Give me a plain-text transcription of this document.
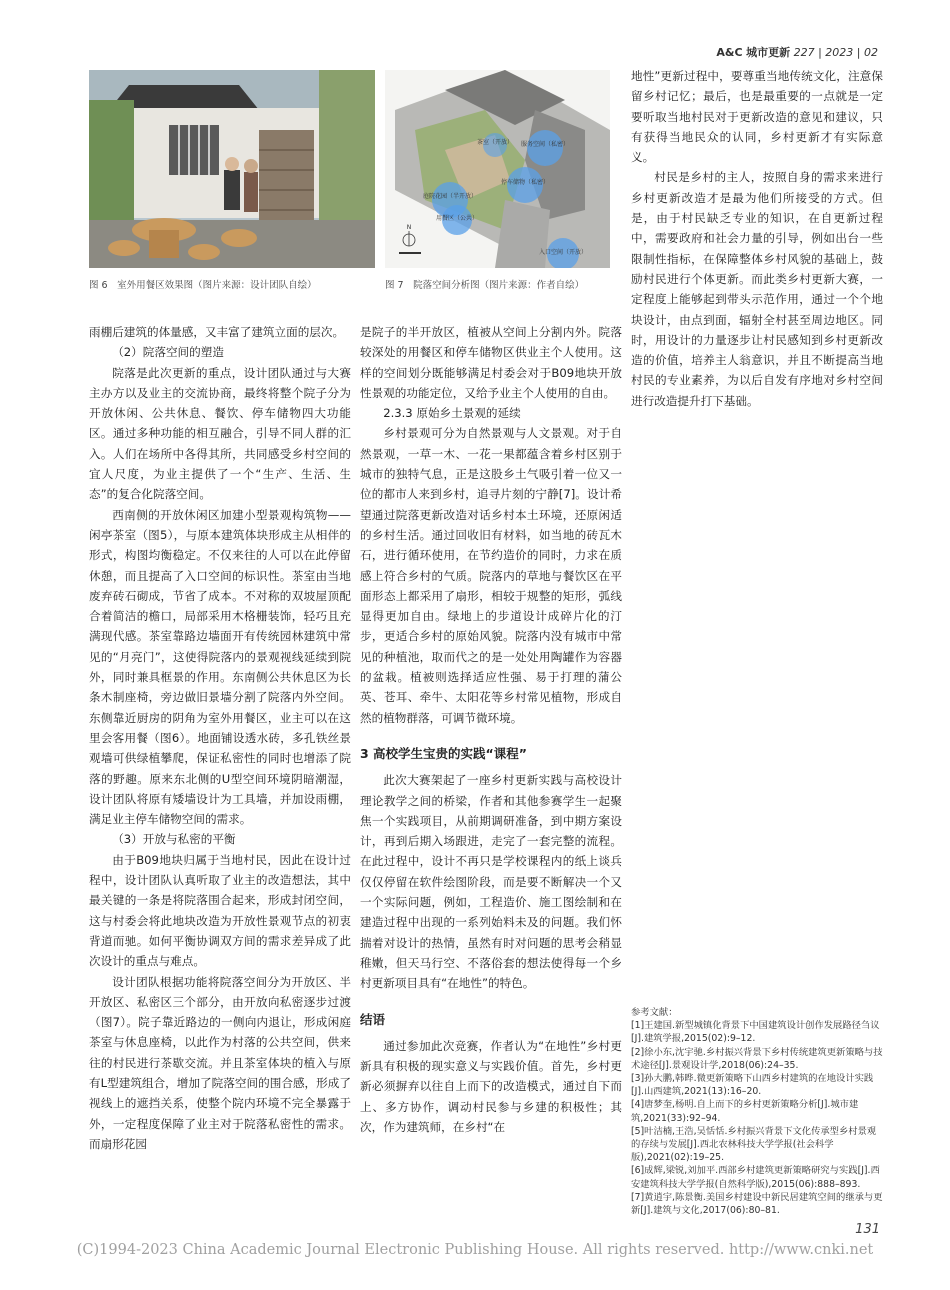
A&C 城市更新 227 | 2023 | 02
图 6　室外用餐区效果图（图片来源：设计团队自绘）
服务空间（私密）
庭院花园（半开放）
用餐区（公共）
入口空间（开放）
停车储物（私密）
茶室（开放）
N
图 7　院落空间分析图（图片来源：作者自绘）

雨棚后建筑的体量感，又丰富了建筑立面的层次。

（2）院落空间的塑造

院落是此次更新的重点，设计团队通过与大赛主办方以及业主的交流协商，最终将整个院子分为开放休闲、公共休息、餐饮、停车储物四大功能区。通过多种功能的相互融合，引导不同人群的汇入。人们在场所中各得其所，共同感受乡村空间的宜人尺度，为业主提供了一个“生产、生活、生态”的复合化院落空间。

西南侧的开放休闲区加建小型景观构筑物——闲亭茶室（图5），与原本建筑体块形成主从相伴的形式，构图均衡稳定。不仅来往的人可以在此停留休憩，而且提高了入口空间的标识性。茶室由当地废弃砖石砌成，节省了成本。不对称的双坡屋顶配合着简洁的檐口，局部采用木格栅装饰，轻巧且充满现代感。茶室靠路边墙面开有传统园林建筑中常见的“月亮门”，这使得院落内的景观视线延续到院外，同时兼具框景的作用。东南侧公共休息区为长条木制座椅，旁边做旧景墙分割了院落内外空间。东侧靠近厨房的阴角为室外用餐区，业主可以在这里会客用餐（图6）。地面铺设透水砖，多孔铁丝景观墙可供绿植攀爬，保证私密性的同时也增添了院落的野趣。原来东北侧的U型空间环境阴暗潮湿，设计团队将原有矮墙设计为工具墙，并加设雨棚，满足业主停车储物空间的需求。

（3）开放与私密的平衡

由于B09地块归属于当地村民，因此在设计过程中，设计团队认真听取了业主的改造想法，其中最关键的一条是将院落围合起来，形成封闭空间，这与村委会将此地块改造为开放性景观节点的初衷背道而驰。如何平衡协调双方间的需求差异成了此次设计的重点与难点。

设计团队根据功能将院落空间分为开放区、半开放区、私密区三个部分，由开放向私密逐步过渡（图7）。院子靠近路边的一侧向内退让，形成闲庭茶室与休息座椅，以此作为村落的公共空间，供来往的村民进行茶歇交流。并且茶室体块的植入与原有L型建筑组合，增加了院落空间的围合感，形成了视线上的遮挡关系，使整个院内环境不完全暴露于外，一定程度保障了业主对于院落私密性的需求。而扇形花园

是院子的半开放区，植被从空间上分割内外。院落较深处的用餐区和停车储物区供业主个人使用。这样的空间划分既能够满足村委会对于B09地块开放性景观的功能定位，又给予业主个人使用的自由。

2.3.3 原始乡土景观的延续

乡村景观可分为自然景观与人文景观。对于自然景观，一草一木、一花一果都蕴含着乡村区别于城市的独特气息，正是这股乡土气吸引着一位又一位的都市人来到乡村，追寻片刻的宁静[7]。设计希望通过院落更新改造对话乡村本土环境，还原闲适的乡村生活。通过回收旧有材料，如当地的砖瓦木石，进行循环使用，在节约造价的同时，力求在质感上符合乡村的气质。院落内的草地与餐饮区在平面形态上都采用了扇形，相较于规整的矩形，弧线显得更加自由。绿地上的步道设计成碎片化的汀步，更适合乡村的原始风貌。院落内没有城市中常见的种植池，取而代之的是一处处用陶罐作为容器的盆栽。植被则选择适应性强、易于打理的蒲公英、苍耳、牵牛、太阳花等乡村常见植物，形成自然的植物群落，可调节微环境。

3 高校学生宝贵的实践“课程”

此次大赛架起了一座乡村更新实践与高校设计理论教学之间的桥梁，作者和其他参赛学生一起聚焦一个实践项目，从前期调研准备，到中期方案设计，再到后期入场跟进，走完了一套完整的流程。在此过程中，设计不再只是学校课程内的纸上谈兵仅仅停留在软件绘图阶段，而是要不断解决一个又一个实际问题，例如，工程造价、施工图绘制和在建造过程中出现的一系列始料未及的问题。我们怀揣着对设计的热情，虽然有时对问题的思考会稍显稚嫩，但天马行空、不落俗套的想法使得每一个乡村更新项目具有“在地性”的特色。

结语

通过参加此次竞赛，作者认为“在地性”乡村更新具有积极的现实意义与实践价值。首先，乡村更新必须摒弃以往自上而下的改造模式，通过自下而上、多方协作，调动村民参与乡建的积极性；其次，作为建筑师，在乡村“在

地性”更新过程中，要尊重当地传统文化，注意保留乡村记忆；最后，也是最重要的一点就是一定要听取当地村民对于更新改造的意见和建议，只有获得当地民众的认同，乡村更新才有实际意义。

村民是乡村的主人，按照自身的需求来进行乡村更新改造才是最为他们所接受的方式。但是，由于村民缺乏专业的知识，在自更新过程中，需要政府和社会力量的引导，例如出台一些限制性指标，在保障整体乡村风貌的基础上，鼓励村民进行个体更新。而此类乡村更新大赛，一定程度上能够起到带头示范作用，通过一个个地块设计，由点到面，辐射全村甚至周边地区。同时，用设计的力量逐步让村民感知到乡村更新改造的价值，培养主人翁意识，并且不断提高当地村民的专业素养，为以后自发有序地对乡村空间进行改造提升打下基础。

参考文献：
[1]王建国.新型城镇化背景下中国建筑设计创作发展路径刍议[J].建筑学报,2015(02):9–12.
[2]徐小东,沈宇驰.乡村振兴背景下乡村传统建筑更新策略与技术途径[J].景观设计学,2018(06):24–35.
[3]孙大鹏,韩晔.微更新策略下山西乡村建筑的在地设计实践[J].山西建筑,2021(13):16–20.
[4]唐梦奎,杨明.自上而下的乡村更新策略分析[J].城市建筑,2021(33):92–94.
[5]叶洁楠,王浩,吴恬恬.乡村振兴背景下文化传承型乡村景观的存续与发展[J].西北农林科技大学学报(社会科学版),2021(02):19–25.
[6]成辉,梁锐,刘加平.西部乡村建筑更新策略研究与实践[J].西安建筑科技大学学报(自然科学版),2015(06):888–893.
[7]黄逍宇,陈景衡.美国乡村建设中新民居建筑空间的继承与更新[J].建筑与文化,2017(06):80–81.
131
(C)1994-2023 China Academic Journal Electronic Publishing House. All rights reserved. http://www.cnki.net
